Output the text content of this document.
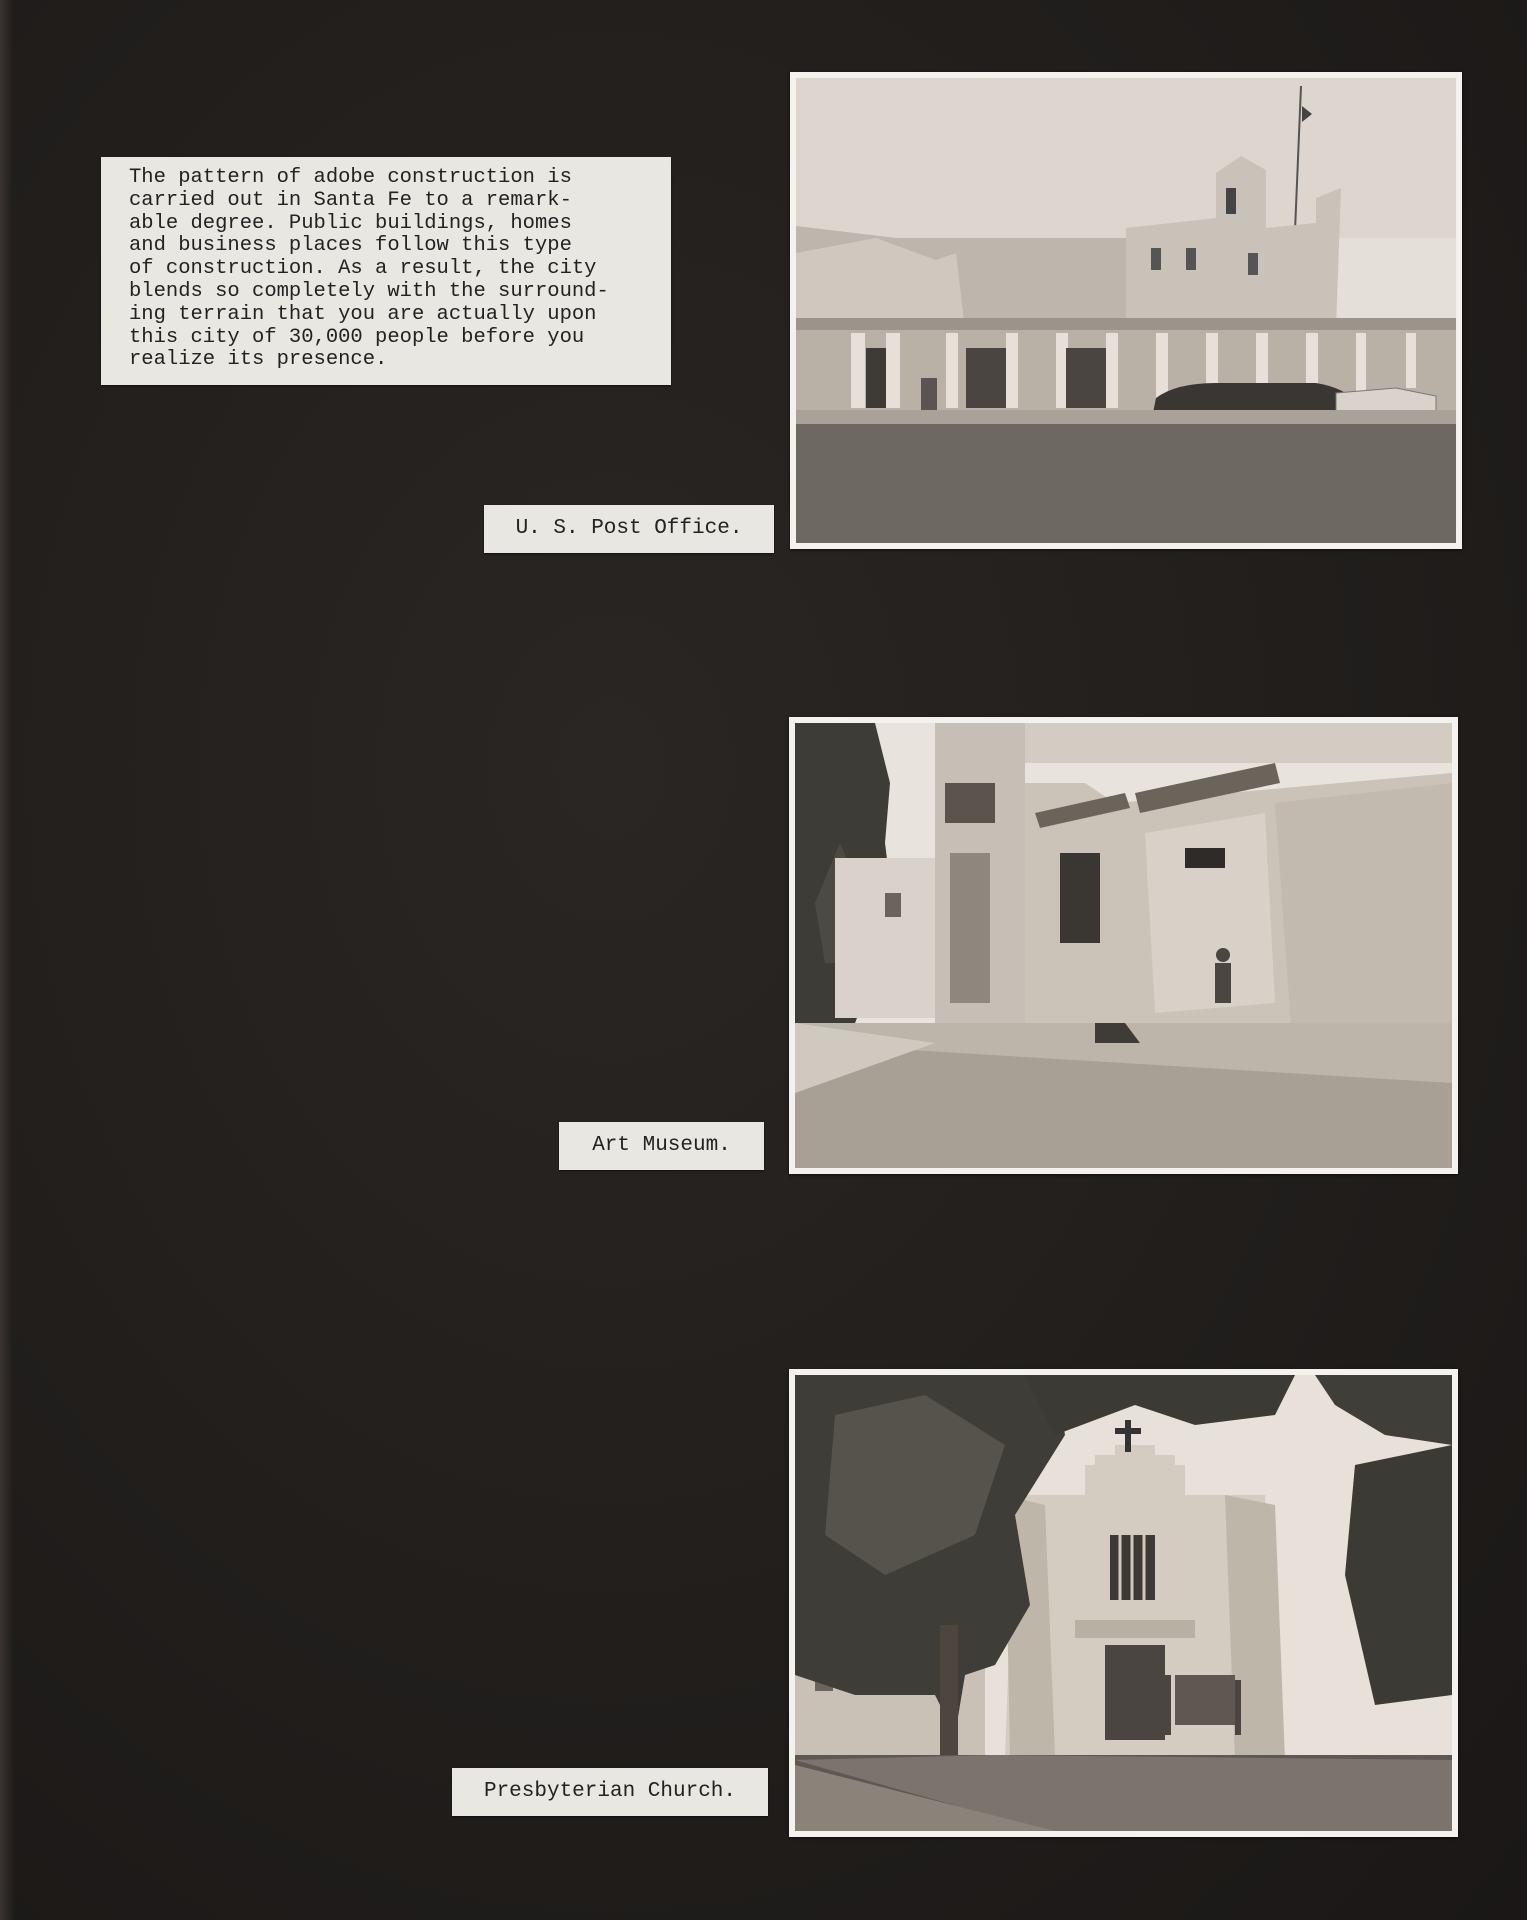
The pattern of adobe construction is
carried out in Santa Fe to a remark-
able degree. Public buildings, homes
and business places follow this type
of construction. As a result, the city
blends so completely with the surround-
ing terrain that you are actually upon
this city of 30,000 people before you
realize its presence.
U. S. Post Office.
Art Museum.
Presbyterian Church.
